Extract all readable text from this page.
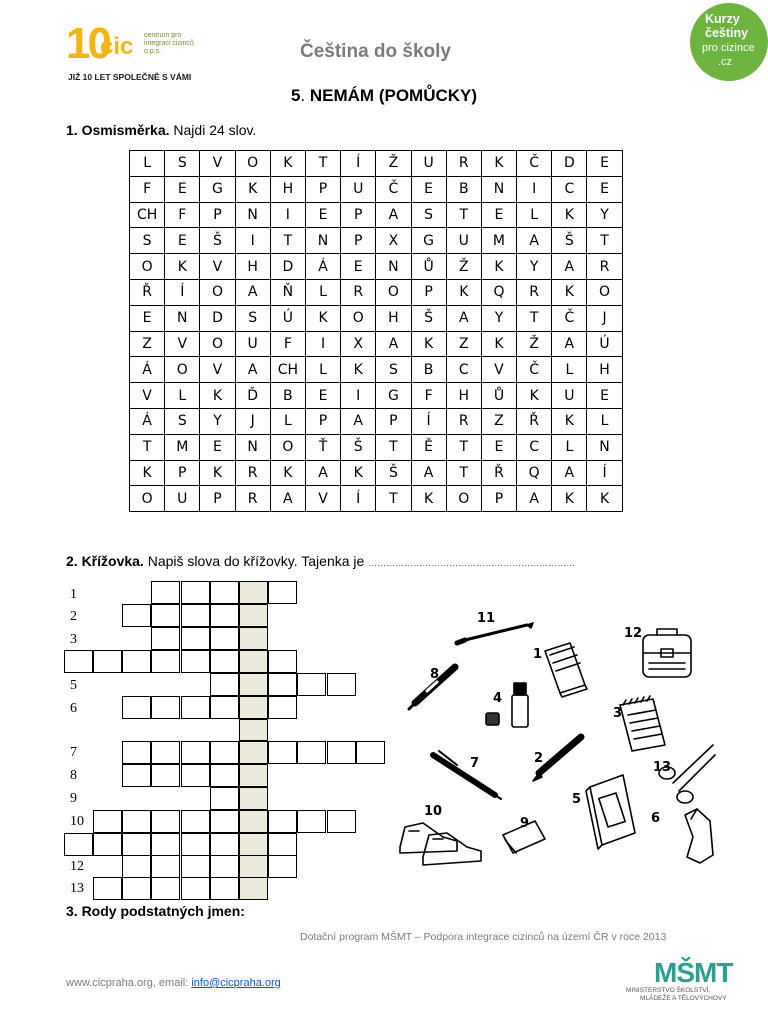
10
cic centrum pro integraci cizinců o.p.s.
JIŽ 10 LET SPOLEČNĚ S VÁMI
Čeština do školy
Kurzy
češtiny
pro cizince
.cz
5. NEMÁM (POMŮCKY)
1. Osmisměrka. Najdi 24 slov.
L	S	V	O	K	T	Í	Ž	U	R	K	Č	D	E
F	E	G	K	H	P	U	Č	E	B	N	I	C	E
CH	F	P	N	I	E	P	A	S	T	E	L	K	Y
S	E	Š	I	T	N	P	X	G	U	M	A	Š	T
O	K	V	H	D	Á	E	N	Ů	Ž	K	Y	A	R
Ř	Í	O	A	Ň	L	R	O	P	K	Q	R	K	O
E	N	D	S	Ú	K	O	H	Š	A	Y	T	Č	J
Z	V	O	U	F	I	X	A	K	Z	K	Ž	A	Ú
Á	O	V	A	CH	L	K	S	B	C	V	Č	L	H
V	L	K	Ď	B	E	I	G	F	H	Ů	K	U	E
Á	S	Y	J	L	P	A	P	Í	R	Z	Ř	K	L
T	M	E	N	O	Ť	Š	T	Ě	T	E	C	L	N
K	P	K	R	K	A	K	Š	A	T	Ř	Q	A	Í
O	U	P	R	A	V	Í	T	K	O	P	A	K	K
2. Křížovka. Napiš slova do křížovky. Tajenka je ……………………………………………………………
1
2
3
5
6
7
8
9
10
12
13
11
12
1
8
4
3
7	2
13
5
10
9	6
3. Rody podstatných jmen:
Dotační program MŠMT – Podpora integrace cizinců na území ČR v roce 2013
www.cicpraha.org, email: info@cicpraha.org	MŠMT
MINISTERSTVO ŠKOLSTVÍ,
MLÁDEŽE A TĚLOVÝCHOVY
